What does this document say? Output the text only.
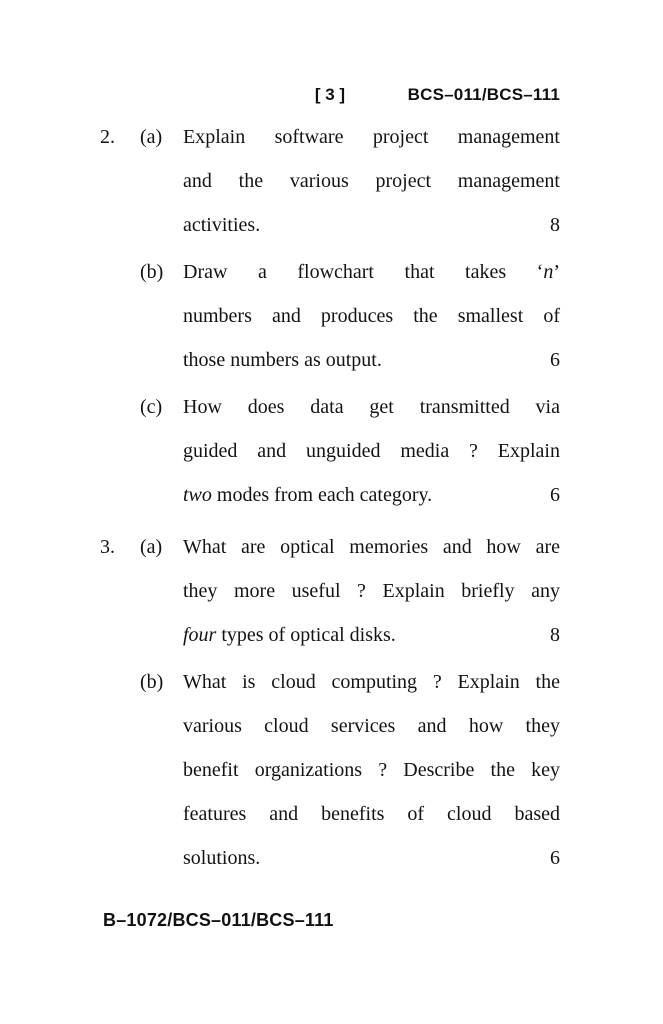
[ 3 ]	BCS–011/BCS–111
2.	(a)	Explain software project management
and the various project management
activities.	8
(b) Draw a flowchart that takes ‘n’
numbers and produces the smallest of
those numbers as output.	6
(c)	How does data get transmitted via
guided and unguided media ? Explain
two modes from each category.	6
3.	(a)	What are optical memories and how are
they more useful ? Explain briefly any
four types of optical disks.	8
(b) What is cloud computing ? Explain the
various cloud services and how they
benefit organizations ? Describe the key
features and benefits of cloud based
solutions.	6
B–1072/BCS–011/BCS–111
